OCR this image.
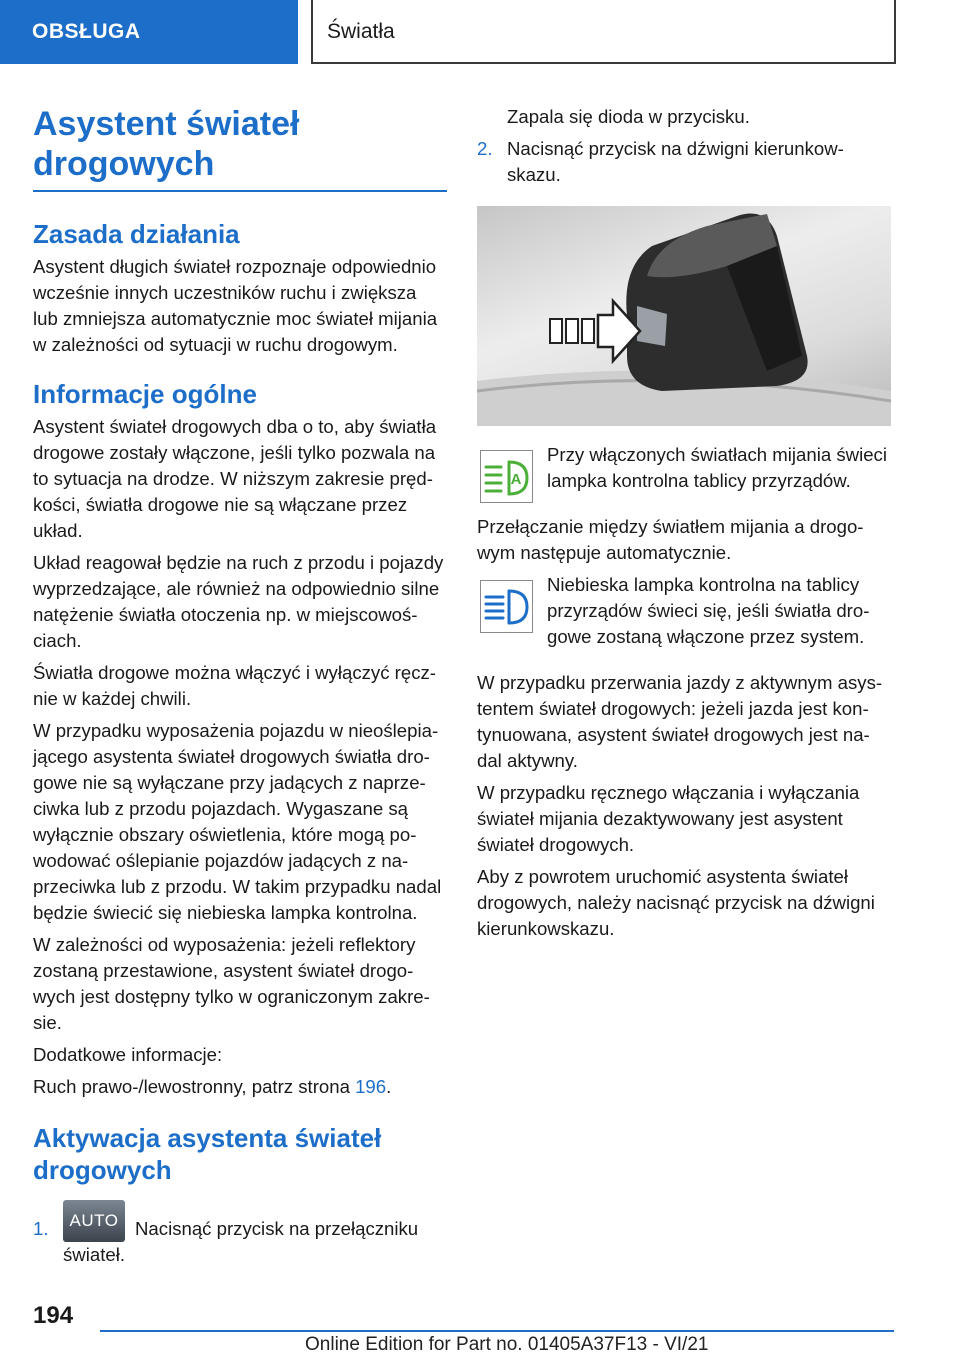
OBSŁUGA	Światła
Asystent świateł
drogowych
Zasada działania

Asystent długich świateł rozpoznaje odpowiednio
wcześnie innych uczestników ruchu i zwiększa
lub zmniejsza automatycznie moc świateł mijania
w zależności od sytuacji w ruchu drogowym.

Informacje ogólne

Asystent świateł drogowych dba o to, aby światła
drogowe zostały włączone, jeśli tylko pozwala na
to sytuacja na drodze. W niższym zakresie pręd-
kości, światła drogowe nie są włączane przez
układ.

Układ reagował będzie na ruch z przodu i pojazdy
wyprzedzające, ale również na odpowiednio silne
natężenie światła otoczenia np. w miejscowoś-
ciach.

Światła drogowe można włączyć i wyłączyć ręcz-
nie w każdej chwili.

W przypadku wyposażenia pojazdu w nieoślepia-
jącego asystenta świateł drogowych światła dro-
gowe nie są wyłączane przy jadących z naprze-
ciwka lub z przodu pojazdach. Wygaszane są
wyłącznie obszary oświetlenia, które mogą po-
wodować oślepianie pojazdów jadących z na-
przeciwka lub z przodu. W takim przypadku nadal
będzie świecić się niebieska lampka kontrolna.

W zależności od wyposażenia: jeżeli reflektory
zostaną przestawione, asystent świateł drogo-
wych jest dostępny tylko w ograniczonym zakre-
sie.

Dodatkowe informacje:

Ruch prawo-/lewostronny, patrz strona 196.

Aktywacja asystenta świateł
drogowych
1. AUTO Nacisnąć przycisk na przełączniku
świateł.
Zapala się dioda w przycisku.
2. Nacisnąć przycisk na dźwigni kierunkow-
skazu.
A

Przy włączonych światłach mijania świeci
lampka kontrolna tablicy przyrządów.

Przełączanie między światłem mijania a drogo-
wym następuje automatycznie.

Niebieska lampka kontrolna na tablicy
przyrządów świeci się, jeśli światła dro-
gowe zostaną włączone przez system.

W przypadku przerwania jazdy z aktywnym asys-
tentem świateł drogowych: jeżeli jazda jest kon-
tynuowana, asystent świateł drogowych jest na-
dal aktywny.

W przypadku ręcznego włączania i wyłączania
świateł mijania dezaktywowany jest asystent
świateł drogowych.

Aby z powrotem uruchomić asystenta świateł
drogowych, należy nacisnąć przycisk na dźwigni
kierunkowskazu.

194
Online Edition for Part no. 01405A37F13 - VI/21
